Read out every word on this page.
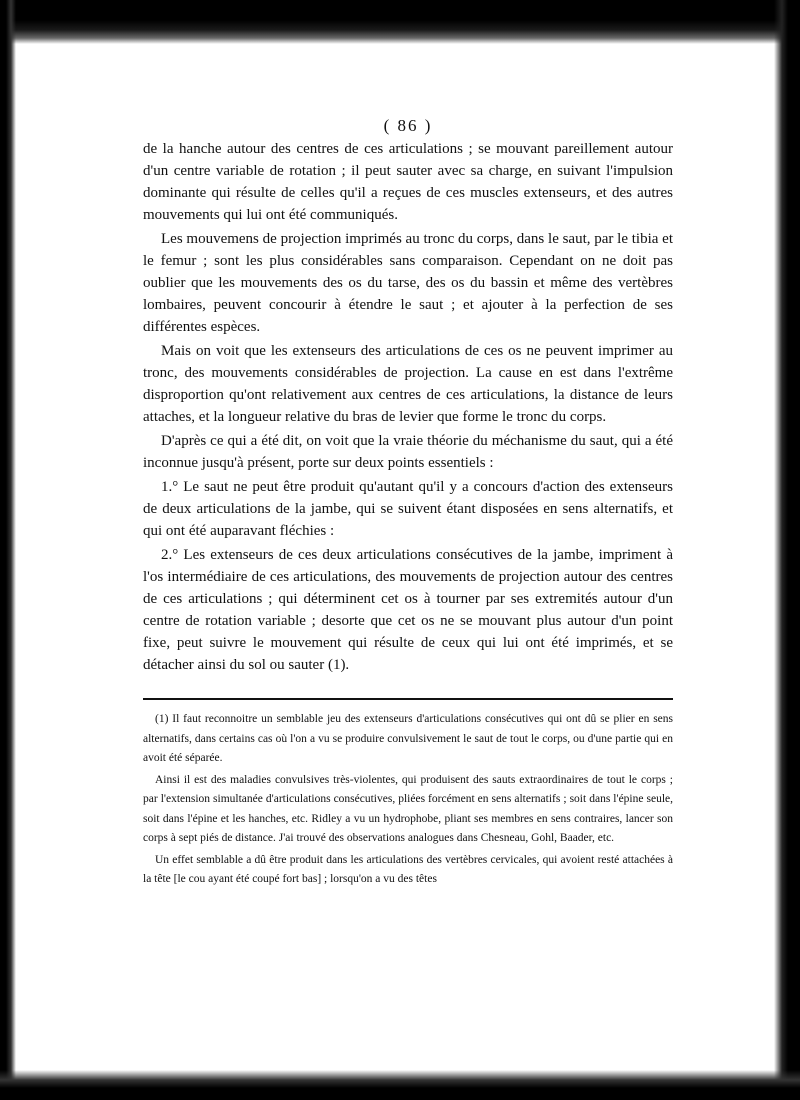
( 86 )

de la hanche autour des centres de ces articulations ; se mouvant pareillement autour d'un centre variable de rotation ; il peut sauter avec sa charge, en suivant l'impulsion dominante qui résulte de celles qu'il a reçues de ces muscles extenseurs, et des autres mouvements qui lui ont été communiqués.

Les mouvemens de projection imprimés au tronc du corps, dans le saut, par le tibia et le femur ; sont les plus considérables sans comparaison. Cependant on ne doit pas oublier que les mouvements des os du tarse, des os du bassin et même des vertèbres lombaires, peuvent concourir à étendre le saut ; et ajouter à la perfection de ses différentes espèces.

Mais on voit que les extenseurs des articulations de ces os ne peuvent imprimer au tronc, des mouvements considérables de projection. La cause en est dans l'extrême disproportion qu'ont relativement aux centres de ces articulations, la distance de leurs attaches, et la longueur relative du bras de levier que forme le tronc du corps.

D'après ce qui a été dit, on voit que la vraie théorie du méchanisme du saut, qui a été inconnue jusqu'à présent, porte sur deux points essentiels :

1.° Le saut ne peut être produit qu'autant qu'il y a concours d'action des extenseurs de deux articulations de la jambe, qui se suivent étant disposées en sens alternatifs, et qui ont été auparavant fléchies :

2.° Les extenseurs de ces deux articulations consécutives de la jambe, impriment à l'os intermédiaire de ces articulations, des mouvements de projection autour des centres de ces articulations ; qui déterminent cet os à tourner par ses extremités autour d'un centre de rotation variable ; desorte que cet os ne se mouvant plus autour d'un point fixe, peut suivre le mouvement qui résulte de ceux qui lui ont été imprimés, et se détacher ainsi du sol ou sauter (1).

(1) Il faut reconnoitre un semblable jeu des extenseurs d'articulations consécutives qui ont dû se plier en sens alternatifs, dans certains cas où l'on a vu se produire convulsivement le saut de tout le corps, ou d'une partie qui en avoit été séparée.

Ainsi il est des maladies convulsives très-violentes, qui produisent des sauts extraordinaires de tout le corps ; par l'extension simultanée d'articulations consécutives, pliées forcément en sens alternatifs ; soit dans l'épine seule, soit dans l'épine et les hanches, etc. Ridley a vu un hydrophobe, pliant ses membres en sens contraires, lancer son corps à sept piés de distance. J'ai trouvé des observations analogues dans Chesneau, Gohl, Baader, etc.

Un effet semblable a dû être produit dans les articulations des vertèbres cervicales, qui avoient resté attachées à la tête [le cou ayant été coupé fort bas] ; lorsqu'on a vu des têtes
